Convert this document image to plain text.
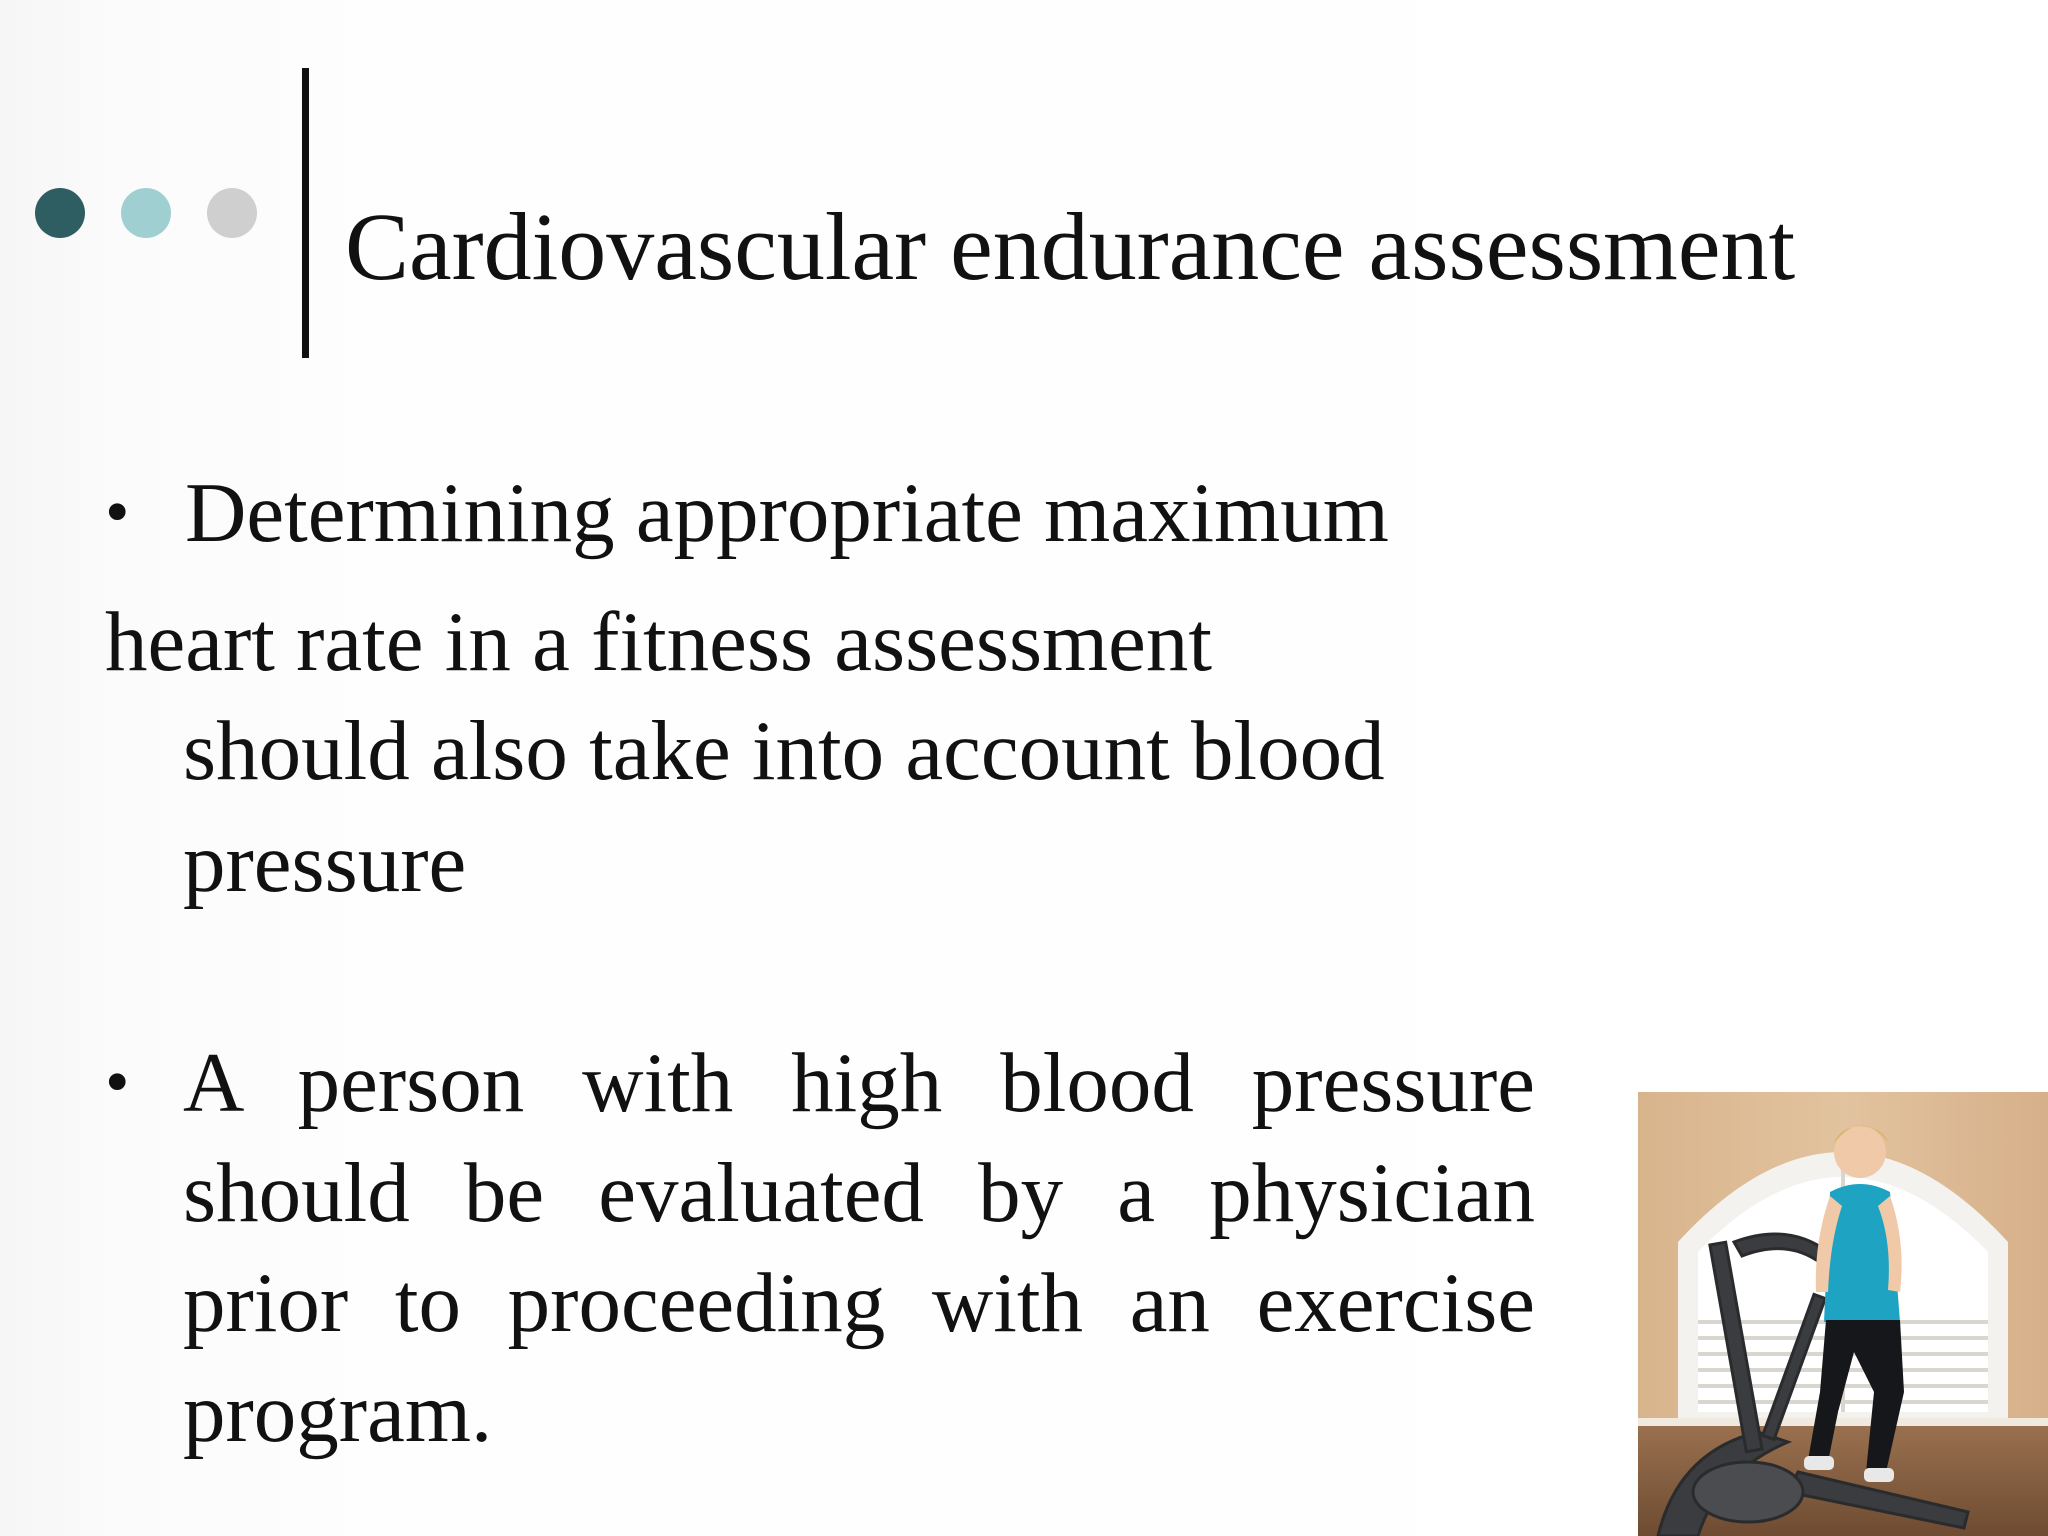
Cardiovascular endurance assessment
• Determining appropriate maximum

heart rate in a fitness assessment

should also take into account blood

pressure

• A person with high blood pressure
should be evaluated by a physician
prior to proceeding with an exercise
program.
